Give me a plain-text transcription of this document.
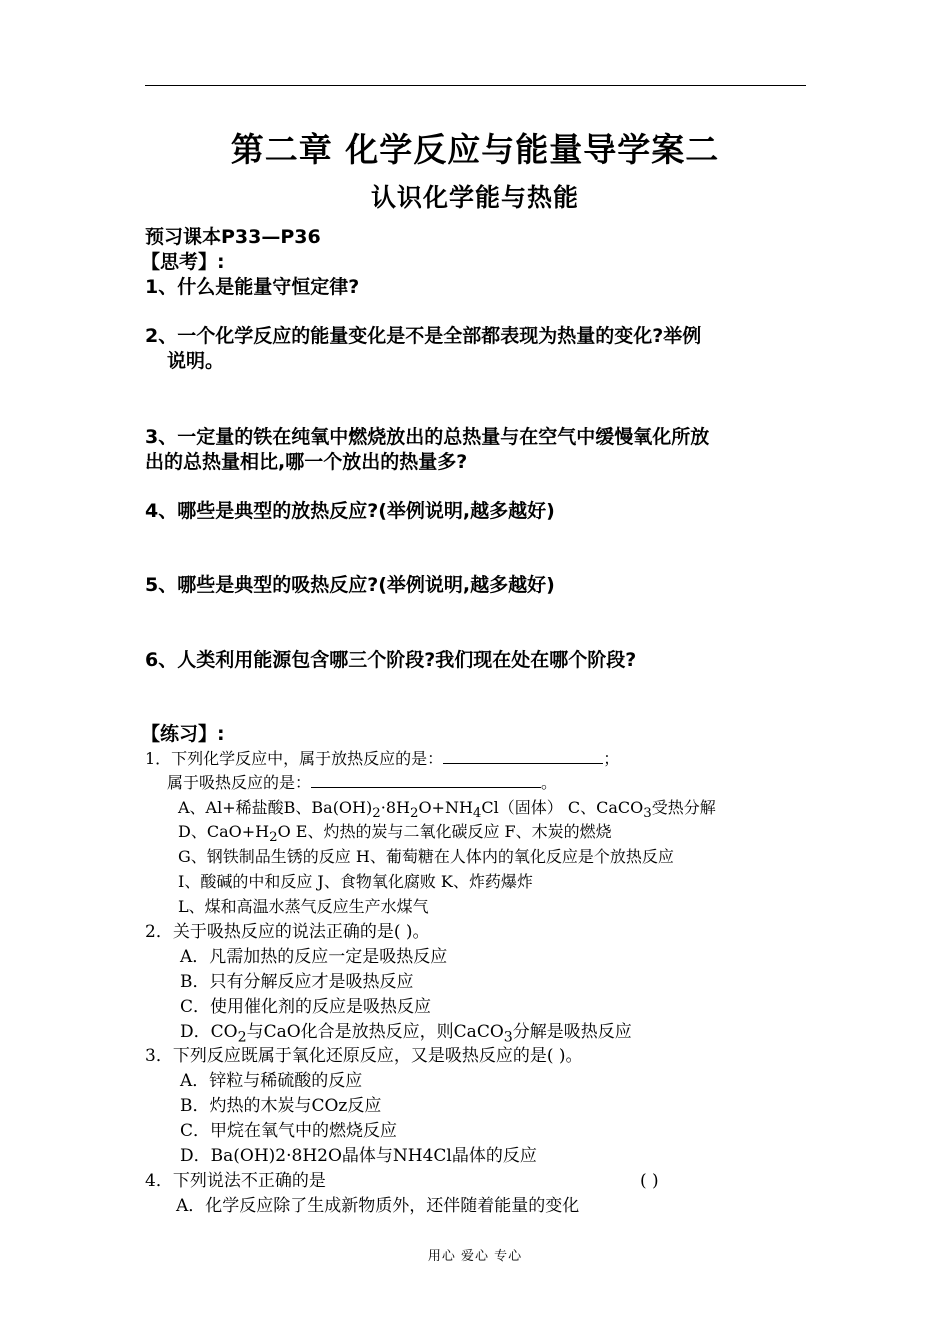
第二章 化学反应与能量导学案二
认识化学能与热能
预习课本P33—P36
【思考】:
1、什么是能量守恒定律?
2、一个化学反应的能量变化是不是全部都表现为热量的变化?举例
说明。
3、一定量的铁在纯氧中燃烧放出的总热量与在空气中缓慢氧化所放
出的总热量相比,哪一个放出的热量多?
4、哪些是典型的放热反应?(举例说明,越多越好)
5、哪些是典型的吸热反应?(举例说明,越多越好)
6、人类利用能源包含哪三个阶段?我们现在处在哪个阶段?
【练习】:
1．下列化学反应中，属于放热反应的是：	；
属于吸热反应的是：	。
A、Al+稀盐酸B、$Ba(OH)_2\cdot 8H_2O+NH_4Cl$（固体） C、CaCO$_3$受热分解
D、$CaO+H_2O$ E、灼热的炭与二氧化碳反应 F、木炭的燃烧
G、钢铁制品生锈的反应 H、葡萄糖在人体内的氧化反应是个放热反应
I、酸碱的中和反应 J、食物氧化腐败 K、炸药爆炸
L、煤和高温水蒸气反应生产水煤气
2．关于吸热反应的说法正确的是( )。
A．凡需加热的反应一定是吸热反应
B．只有分解反应才是吸热反应
C．使用催化剂的反应是吸热反应
D．$CO_2$与CaO化合是放热反应，则CaCO$_3$分解是吸热反应
3．下列反应既属于氧化还原反应，又是吸热反应的是( )。
A．锌粒与稀硫酸的反应
B．灼热的木炭与COz反应
C．甲烷在氧气中的燃烧反应
D．Ba(OH)2·8H2O晶体与NH4Cl晶体的反应
4．下列说法不正确的是	( )
A．化学反应除了生成新物质外，还伴随着能量的变化
用心 爱心 专心
